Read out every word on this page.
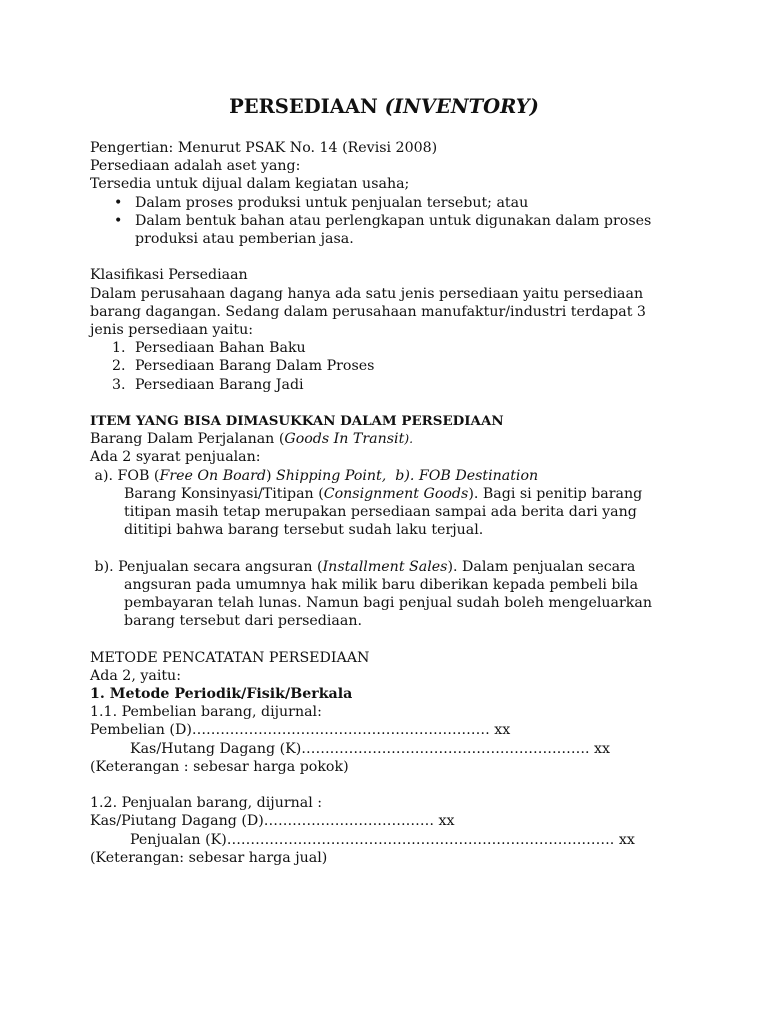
PERSEDIAAN (INVENTORY)
Pengertian: Menurut PSAK No. 14 (Revisi 2008)
Persediaan adalah aset yang:
Tersedia untuk dijual dalam kegiatan usaha;
• Dalam proses produksi untuk penjualan tersebut; atau
• Dalam bentuk bahan atau perlengkapan untuk digunakan dalam proses
produksi atau pemberian jasa.
Klasifikasi Persediaan
Dalam perusahaan dagang hanya ada satu jenis persediaan yaitu persediaan
barang dagangan. Sedang dalam perusahaan manufaktur/industri terdapat 3
jenis persediaan yaitu:
1. Persediaan Bahan Baku
2. Persediaan Barang Dalam Proses
3. Persediaan Barang Jadi
ITEM YANG BISA DIMASUKKAN DALAM PERSEDIAAN
Barang Dalam Perjalanan (Goods In Transit).
Ada 2 syarat penjualan:
a). FOB (Free On Board) Shipping Point,  b). FOB Destination
Barang Konsinyasi/Titipan (Consignment Goods). Bagi si penitip barang
titipan masih tetap merupakan persediaan sampai ada berita dari yang
dititipi bahwa barang tersebut sudah laku terjual.
b). Penjualan secara angsuran (Installment Sales). Dalam penjualan secara
angsuran pada umumnya hak milik baru diberikan kepada pembeli bila
pembayaran telah lunas. Namun bagi penjual sudah boleh mengeluarkan
barang tersebut dari persediaan.
METODE PENCATATAN PERSEDIAAN
Ada 2, yaitu:
1. Metode Periodik/Fisik/Berkala
1.1. Pembelian barang, dijurnal:
Pembelian (D)……………………………………………………… xx
Kas/Hutang Dagang (K)……………………………………………………. xx
(Keterangan : sebesar harga pokok)
1.2. Penjualan barang, dijurnal :
Kas/Piutang Dagang (D)……………………………… xx
Penjualan (K)………………………………………………………………………. xx
(Keterangan: sebesar harga jual)
